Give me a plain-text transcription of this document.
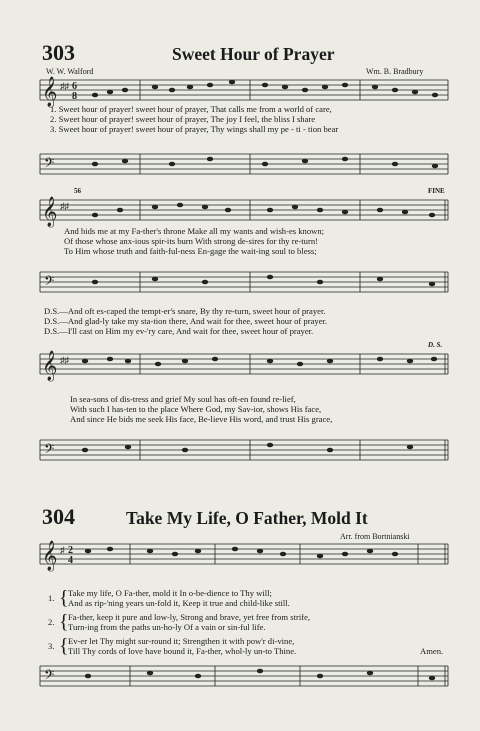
303	Sweet Hour of Prayer
W. W. Walford	Wm. B. Bradbury
𝄞 ♯♯ 6
8
1. Sweet hour of prayer! sweet hour of prayer, That calls me from a world of care,
2. Sweet hour of prayer! sweet hour of prayer, The joy I feel, the bliss I share
3. Sweet hour of prayer! sweet hour of prayer, Thy wings shall my pe - ti - tion bear
𝄢
56	FINE
𝄞 ♯♯
And bids me at my Fa-ther's throne Make all my wants and wish-es known;
Of those whose anx-ious spir-its burn With strong de-sires for thy re-turn!
To Him whose truth and faith-ful-ness En-gage the wait-ing soul to bless;
𝄢
D.S.—And oft es-caped the tempt-er's snare, By thy re-turn, sweet hour of prayer.
D.S.—And glad-ly take my sta-tion there, And wait for thee, sweet hour of prayer.
D.S.—I'll cast on Him my ev-'ry care, And wait for thee, sweet hour of prayer.
D. S.
𝄞 ♯♯
In sea-sons of dis-tress and grief My soul has oft-en found re-lief,
With such I has-ten to the place Where God, my Sav-ior, shows His face,
And since He bids me seek His face, Be-lieve His word, and trust His grace,
𝄢
304	Take My Life, O Father, Mold It
Arr. from Bortnianski
𝄞 ♯ 2
4
1. { Take my life, O Fa-ther, mold it In o-be-dience to Thy will;
And as rip-'ning years un-fold it, Keep it true and child-like still.
2. { Fa-ther, keep it pure and low-ly, Strong and brave, yet free from strife,
Turn-ing from the paths un-ho-ly Of a vain or sin-ful life.
3. { Ev-er let Thy might sur-round it; Strengthen it with pow'r di-vine,
Till Thy cords of love have bound it, Fa-ther, whol-ly un-to Thine.	Amen.
𝄢
